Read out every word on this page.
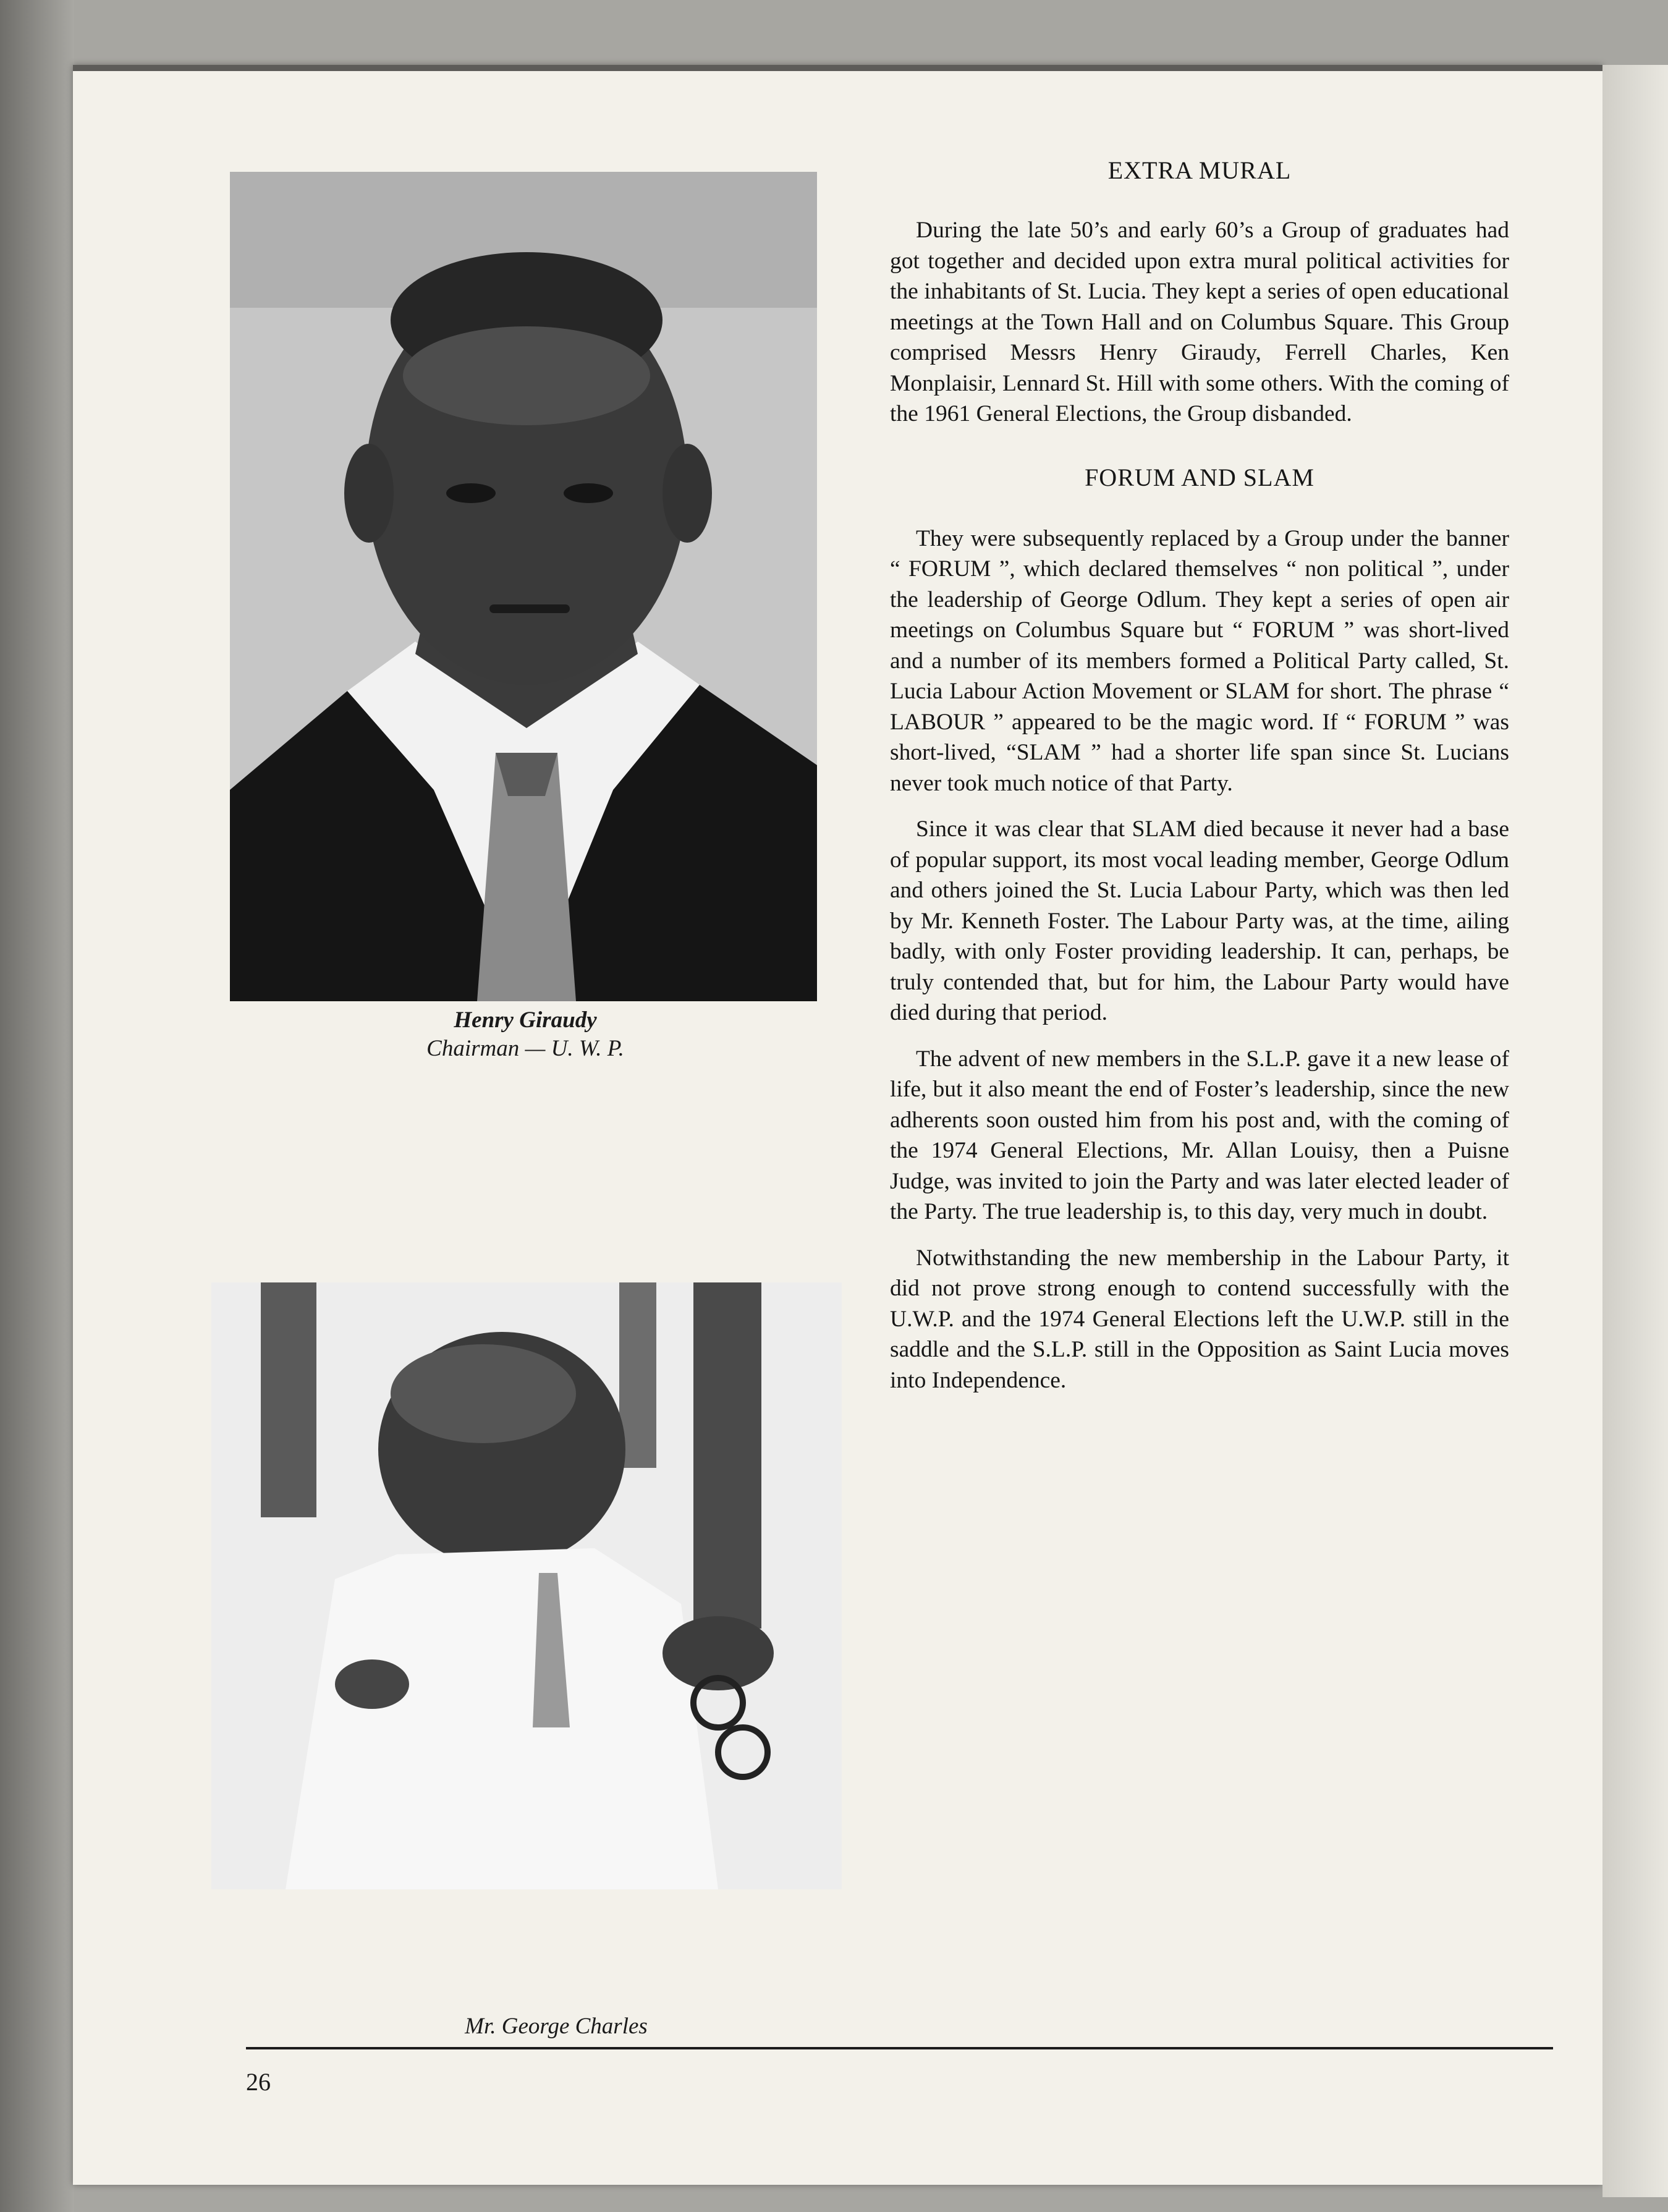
Henry Giraudy
Chairman — U. W. P.
Mr. George Charles
EXTRA MURAL

During the late 50’s and early 60’s a Group of graduates had got together and decided upon extra mural political activities for the inhabitants of St. Lucia. They kept a series of open educational meetings at the Town Hall and on Columbus Square. This Group comprised Messrs Henry Giraudy, Ferrell Charles, Ken Monplaisir, Lennard St. Hill with some others. With the coming of the 1961 General Elections, the Group disbanded.

FORUM AND SLAM

They were subsequently replaced by a Group under the banner “ FORUM ”, which declared themselves “ non political ”, under the leadership of George Odlum. They kept a series of open air meetings on Columbus Square but “ FORUM ” was short-lived and a number of its members formed a Political Party called, St. Lucia Labour Action Movement or SLAM for short. The phrase “ LABOUR ” appeared to be the magic word. If “ FORUM ” was short-lived, “SLAM ” had a shorter life span since St. Lucians never took much notice of that Party.

Since it was clear that SLAM died because it never had a base of popular support, its most vocal leading member, George Odlum and others joined the St. Lucia Labour Party, which was then led by Mr. Kenneth Foster. The Labour Party was, at the time, ailing badly, with only Foster providing leadership. It can, perhaps, be truly contended that, but for him, the Labour Party would have died during that period.

The advent of new members in the S.L.P. gave it a new lease of life, but it also meant the end of Foster’s leadership, since the new adherents soon ousted him from his post and, with the coming of the 1974 General Elections, Mr. Allan Louisy, then a Puisne Judge, was invited to join the Party and was later elected leader of the Party. The true leadership is, to this day, very much in doubt.

Notwithstanding the new membership in the Labour Party, it did not prove strong enough to contend successfully with the U.W.P. and the 1974 General Elections left the U.W.P. still in the saddle and the S.L.P. still in the Opposition as Saint Lucia moves into Independence.

26
